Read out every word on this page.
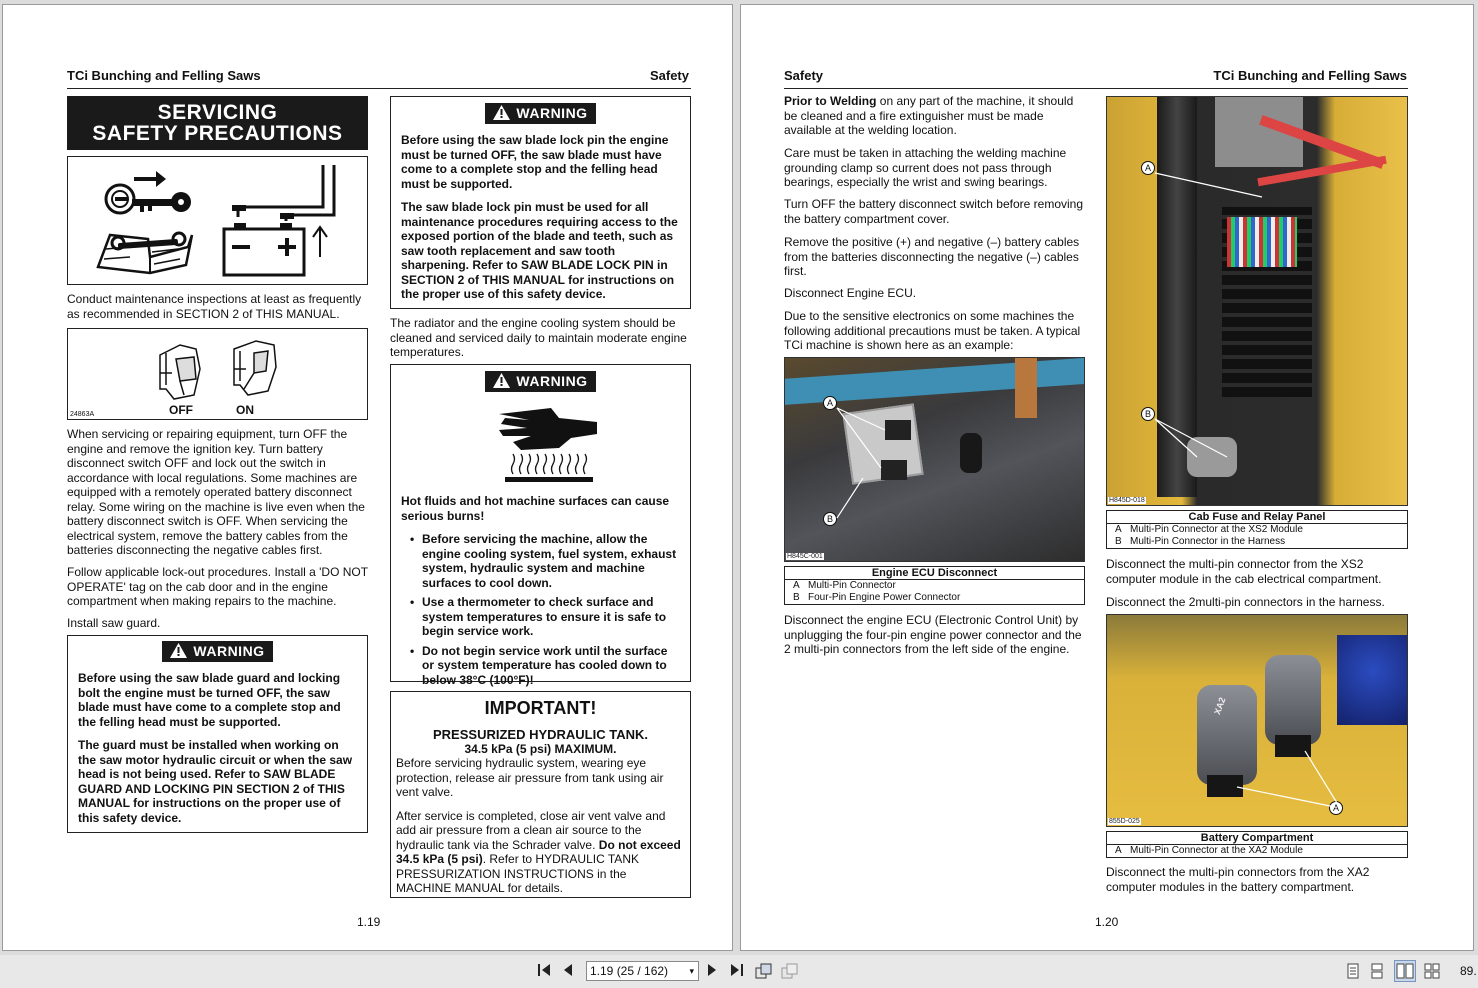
TCi Bunching and Felling Saws	Safety
SERVICING
SAFETY PRECAUTIONS
Conduct maintenance inspections at least as frequently as recommended in SECTION 2 of THIS MANUAL.
24863A	OFF	ON
When servicing or repairing equipment, turn OFF the engine and remove the ignition key. Turn battery disconnect switch OFF and lock out the switch in accordance with local regulations. Some machines are equipped with a remotely operated battery disconnect relay. Some wiring on the machine is live even when the battery disconnect switch is OFF. When servicing the electrical system, remove the battery cables from the batteries disconnecting the negative cables first.
Follow applicable lock-out procedures. Install a 'DO NOT OPERATE' tag on the cab door and in the engine compartment when making repairs to the machine.
Install saw guard.
WARNING
Before using the saw blade guard and locking bolt the engine must be turned OFF, the saw blade must have come to a complete stop and the felling head must be supported.
The guard must be installed when working on the saw motor hydraulic circuit or when the saw head is not being used. Refer to SAW BLADE GUARD AND LOCKING PIN SECTION 2 of THIS MANUAL for instructions on the proper use of this safety device.
WARNING
Before using the saw blade lock pin the engine must be turned OFF, the saw blade must have come to a complete stop and the felling head must be supported.
The saw blade lock pin must be used for all maintenance procedures requiring access to the exposed portion of the blade and teeth, such as saw tooth replacement and saw tooth sharpening. Refer to SAW BLADE LOCK PIN in SECTION 2 of THIS MANUAL for instructions on the proper use of this safety device.
The radiator and the engine cooling system should be cleaned and serviced daily to maintain moderate engine temperatures.
WARNING
Hot fluids and hot machine surfaces can cause serious burns!
• Before servicing the machine, allow the engine cooling system, fuel system, exhaust system, hydraulic system and machine surfaces to cool down.
• Use a thermometer to check surface and system temperatures to ensure it is safe to begin service work.
• Do not begin service work until the surface or system temperature has cooled down to below 38°C (100°F)!
IMPORTANT!
PRESSURIZED HYDRAULIC TANK.
34.5 kPa (5 psi) MAXIMUM.
Before servicing hydraulic system, wearing eye protection, release air pressure from tank using air vent valve.
After service is completed, close air vent valve and add air pressure from a clean air source to the hydraulic tank via the Schrader valve. Do not exceed 34.5 kPa (5 psi). Refer to HYDRAULIC TANK PRESSURIZATION INSTRUCTIONS in the MACHINE MANUAL for details.
1.19
Safety	TCi Bunching and Felling Saws
Prior to Welding on any part of the machine, it should be cleaned and a fire extinguisher must be made available at the welding location.
Care must be taken in attaching the welding machine grounding clamp so current does not pass through bearings, especially the wrist and swing bearings.
Turn OFF the battery disconnect switch before removing the battery compartment cover.
Remove the positive (+) and negative (–) battery cables from the batteries disconnecting the negative (–) cables first.
Disconnect Engine ECU.
Due to the sensitive electronics on some machines the following additional precautions must be taken. A typical TCi machine is shown here as an example:
A
B
H845C-001
Engine ECU Disconnect
A Multi-Pin Connector
B Four-Pin Engine Power Connector
Disconnect the engine ECU (Electronic Control Unit) by unplugging the four-pin engine power connector and the 2 multi-pin connectors from the left side of the engine.
A
B
H845D-018
Cab Fuse and Relay Panel
A Multi-Pin Connector at the XS2 Module
B Multi-Pin Connector in the Harness
Disconnect the multi-pin connector from the XS2 computer module in the cab electrical compartment.
Disconnect the 2multi-pin connectors in the harness.
XA2
A
855D-025
Battery Compartment
A Multi-Pin Connector at the XA2 Module
Disconnect the multi-pin connectors from the XA2 computer modules in the battery compartment.
1.20
1.19 (25 / 162) ▾	89.
